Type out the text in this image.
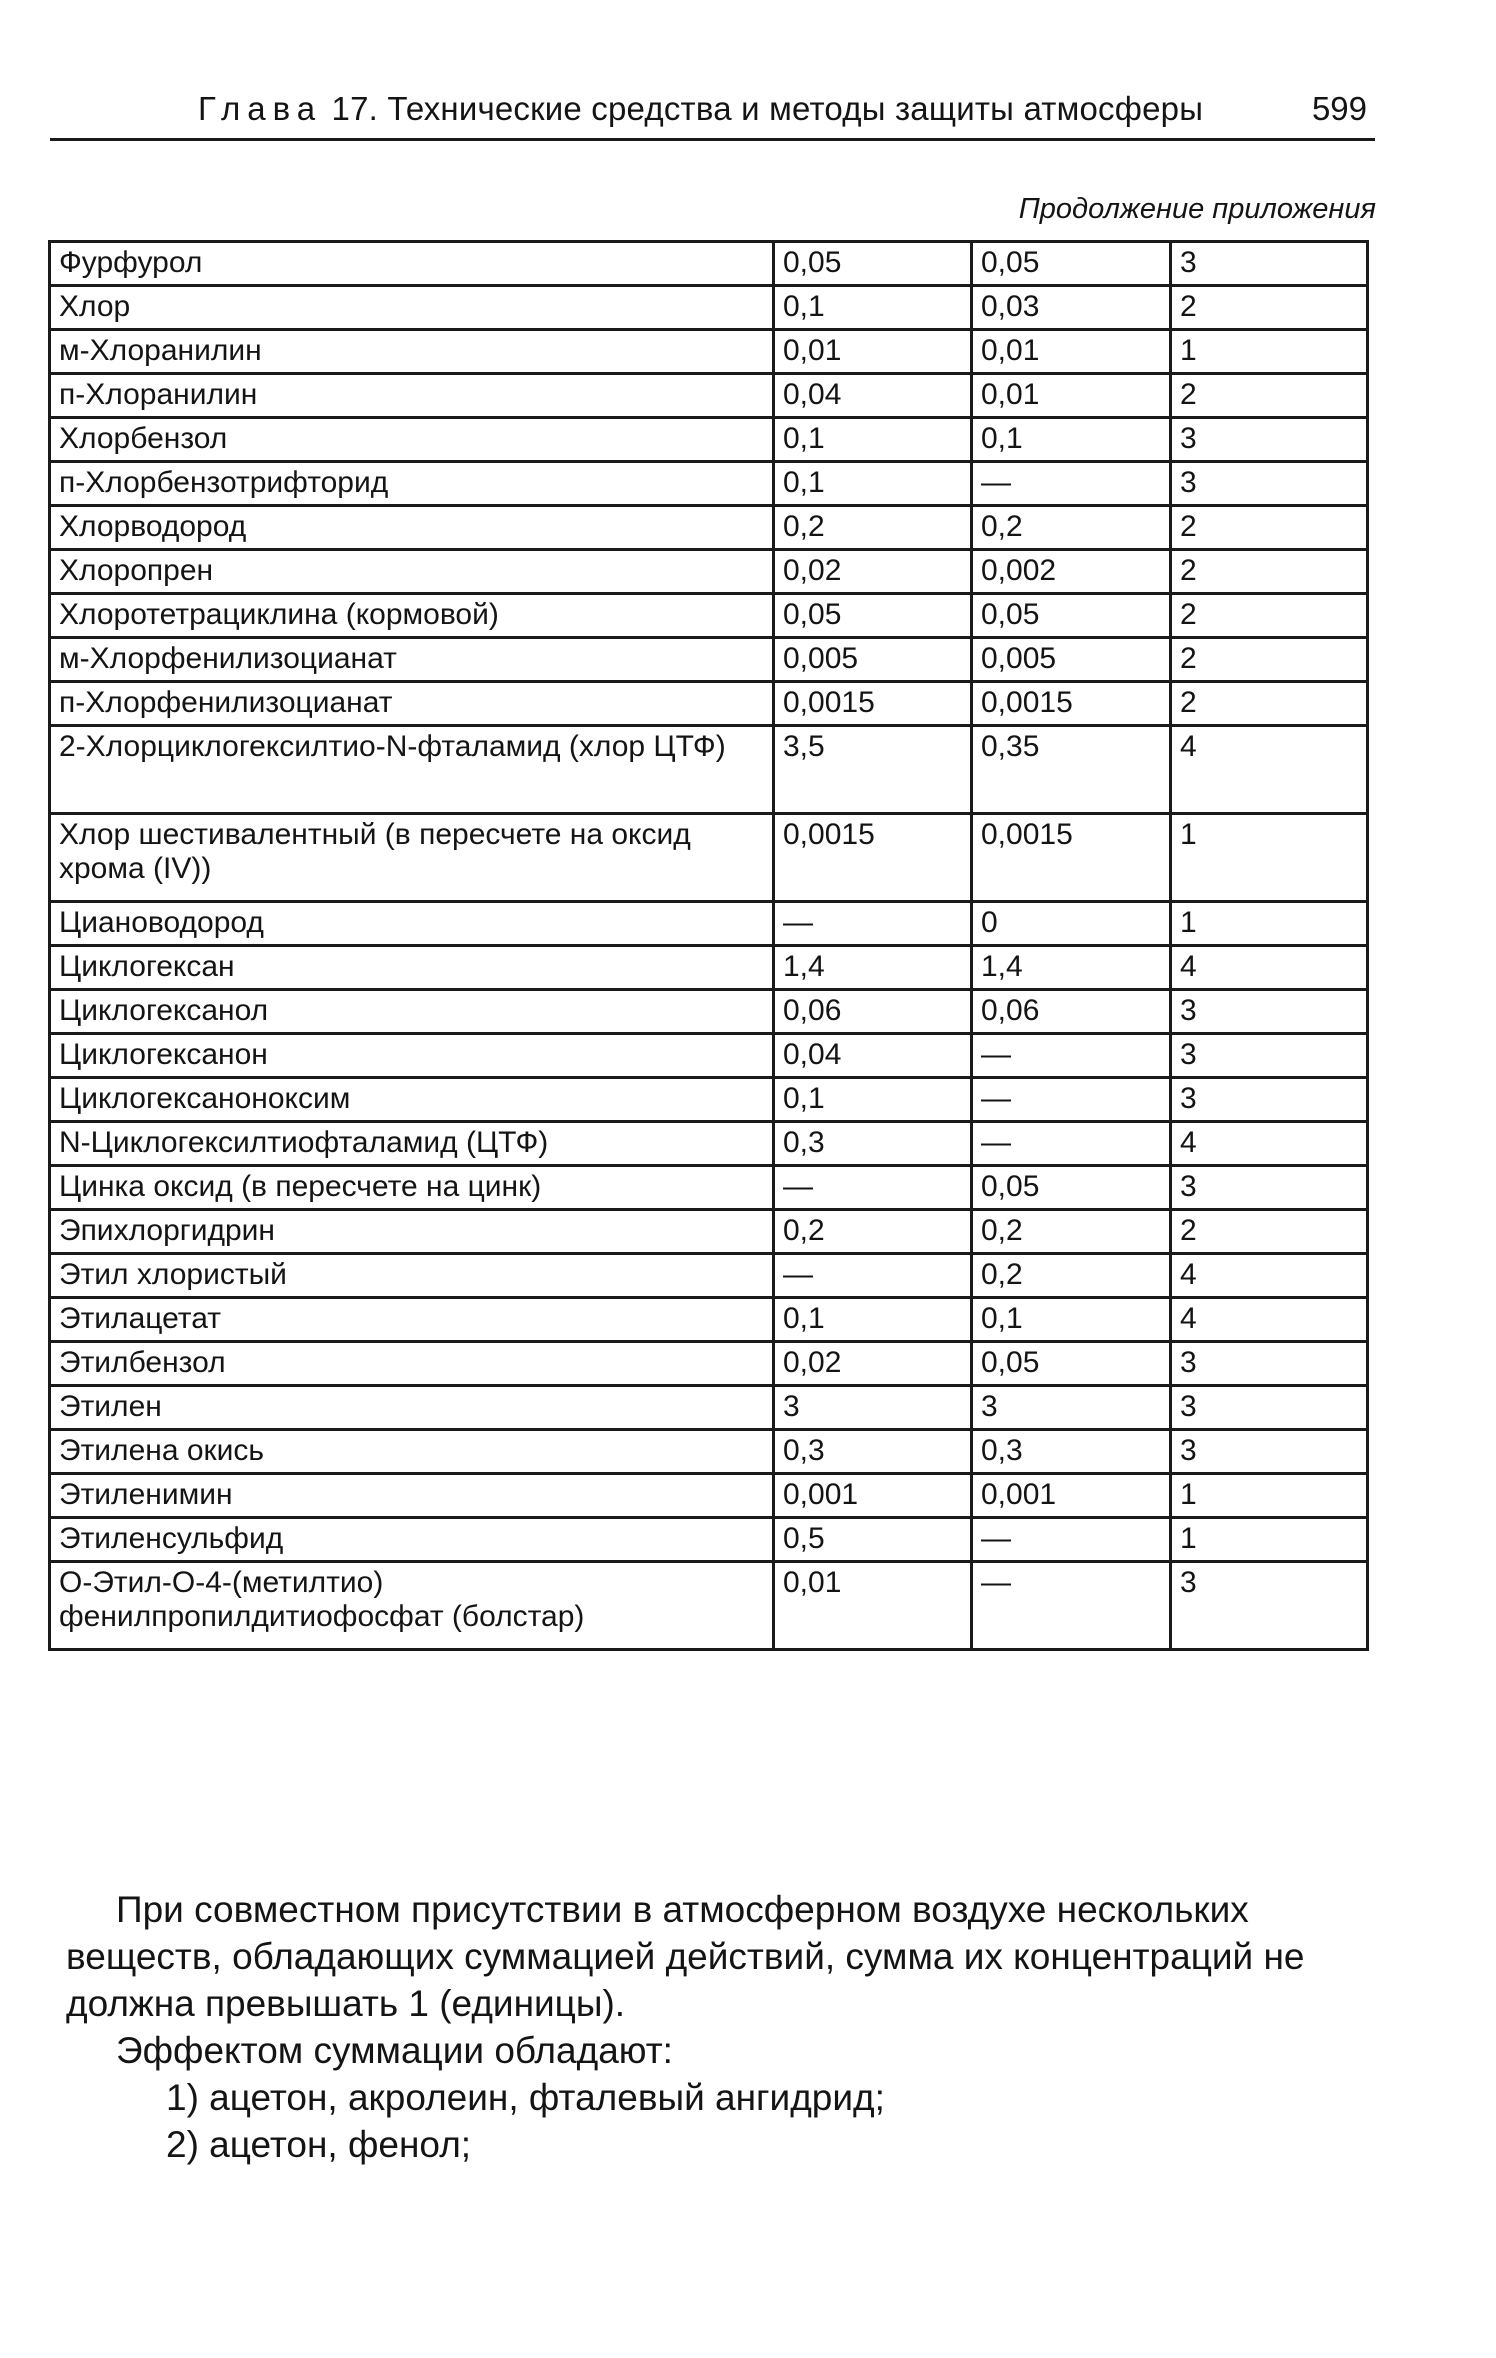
Глава 17. Технические средства и методы защиты атмосферы	599
Продолжение приложения
Фурфурол	0,05	0,05	3
Хлор	0,1	0,03	2
м-Хлоранилин	0,01	0,01	1
п-Хлоранилин	0,04	0,01	2
Хлорбензол	0,1	0,1	3
п-Хлорбензотрифторид	0,1	—	3
Хлорводород	0,2	0,2	2
Хлоропрен	0,02	0,002	2
Хлоротетрациклина (кормовой)	0,05	0,05	2
м-Хлорфенилизоцианат	0,005	0,005	2
п-Хлорфенилизоцианат	0,0015	0,0015	2
2-Хлорциклогексилтио-N-фталамид (хлор ЦТФ)	3,5	0,35	4
Хлор шестивалентный (в пересчете на оксид хрома (IV))	0,0015	0,0015	1
Циановодород	—	0	1
Циклогексан	1,4	1,4	4
Циклогексанол	0,06	0,06	3
Циклогексанон	0,04	—	3
Циклогексаноноксим	0,1	—	3
N-Циклогексилтиофталамид (ЦТФ)	0,3	—	4
Цинка оксид (в пересчете на цинк)	—	0,05	3
Эпихлоргидрин	0,2	0,2	2
Этил хлористый	—	0,2	4
Этилацетат	0,1	0,1	4
Этилбензол	0,02	0,05	3
Этилен	3	3	3
Этилена окись	0,3	0,3	3
Этиленимин	0,001	0,001	1
Этиленсульфид	0,5	—	1
О-Этил-О-4-(метилтио) фенилпропилдитиофосфат (болстар)	0,01	—	3

При совместном присутствии в атмосферном воздухе нескольких веществ, обладающих суммацией действий, сумма их концентраций не должна превышать 1 (единицы).

Эффектом суммации обладают:

1) ацетон, акролеин, фталевый ангидрид;

2) ацетон, фенол;
